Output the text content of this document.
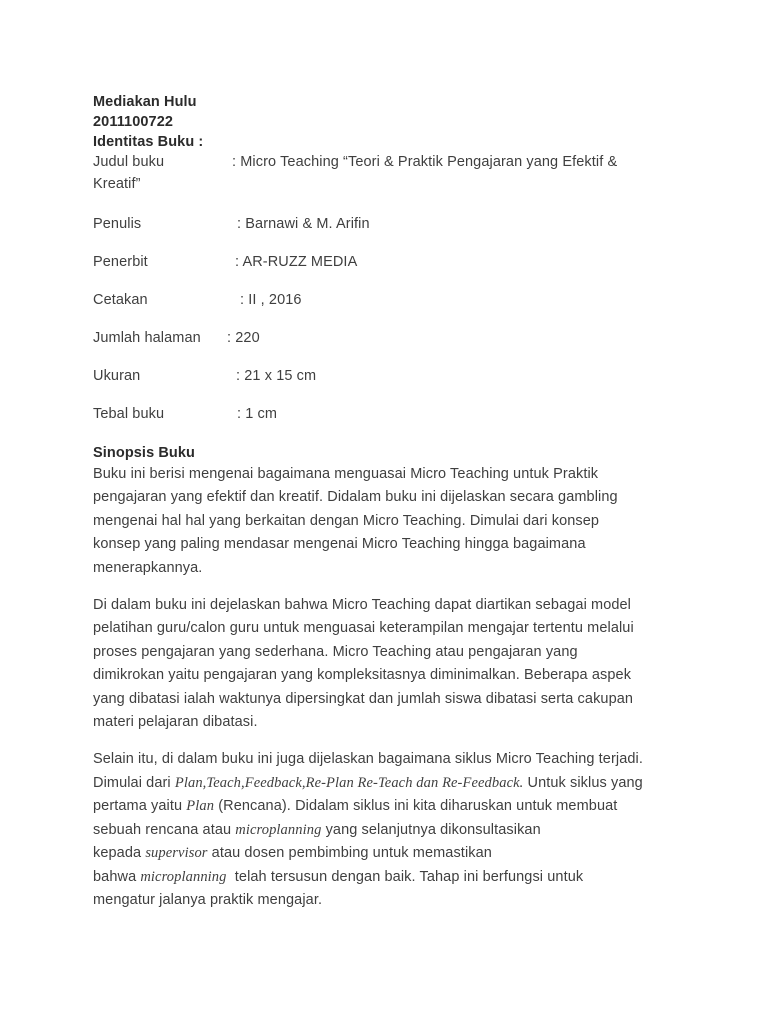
Mediakan Hulu
2011100722
Identitas Buku :
Judul buku	: Micro Teaching “Teori & Praktik Pengajaran yang Efektif &
Kreatif”
Penulis	: Barnawi & M. Arifin
Penerbit	: AR-RUZZ MEDIA
Cetakan	: II , 2016
Jumlah halaman : 220
Ukuran	: 21 x 15 cm
Tebal buku	: 1 cm
Sinopsis Buku
Buku ini berisi mengenai bagaimana menguasai Micro Teaching untuk Praktik
pengajaran yang efektif dan kreatif. Didalam buku ini dijelaskan secara gambling
mengenai hal hal yang berkaitan dengan Micro Teaching. Dimulai dari konsep
konsep yang paling mendasar mengenai Micro Teaching hingga bagaimana
menerapkannya.
Di dalam buku ini dejelaskan bahwa Micro Teaching dapat diartikan sebagai model
pelatihan guru/calon guru untuk menguasai keterampilan mengajar tertentu melalui
proses pengajaran yang sederhana. Micro Teaching atau pengajaran yang
dimikrokan yaitu pengajaran yang kompleksitasnya diminimalkan. Beberapa aspek
yang dibatasi ialah waktunya dipersingkat dan jumlah siswa dibatasi serta cakupan
materi pelajaran dibatasi.
Selain itu, di dalam buku ini juga dijelaskan bagaimana siklus Micro Teaching terjadi.
Dimulai dari Plan,Teach,Feedback,Re-Plan Re-Teach dan Re-Feedback. Untuk siklus yang
pertama yaitu Plan (Rencana). Didalam siklus ini kita diharuskan untuk membuat
sebuah rencana atau microplanning yang selanjutnya dikonsultasikan
kepada supervisor atau dosen pembimbing untuk memastikan
bahwa microplanning  telah tersusun dengan baik. Tahap ini berfungsi untuk
mengatur jalanya praktik mengajar.
